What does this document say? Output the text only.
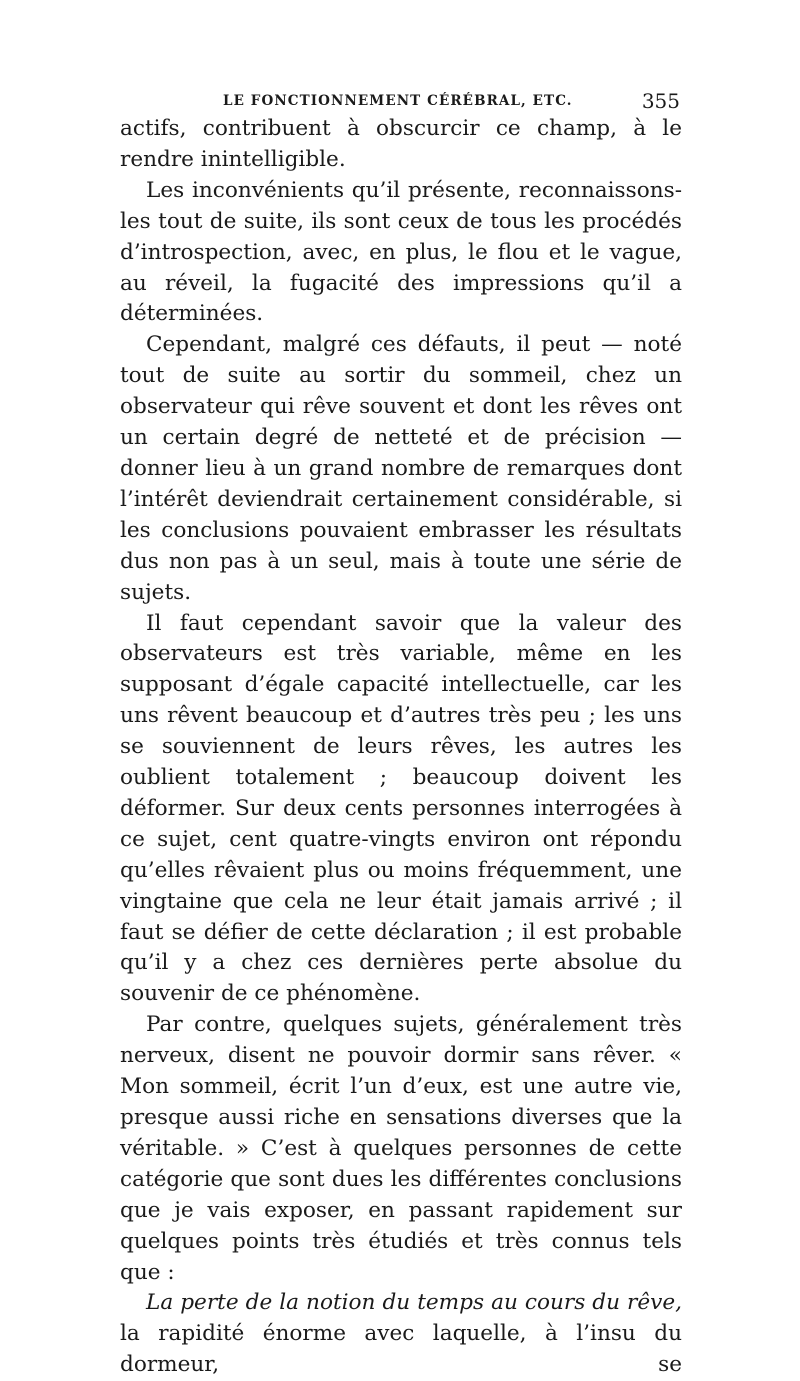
LE FONCTIONNEMENT CÉRÉBRAL, ETC.	355

actifs, contribuent à obscurcir ce champ, à le rendre inintelligible.

Les inconvénients qu’il présente, reconnaissons-les tout de suite, ils sont ceux de tous les procédés d’introspection, avec, en plus, le flou et le vague, au réveil, la fugacité des impressions qu’il a déterminées.

Cependant, malgré ces défauts, il peut — noté tout de suite au sortir du sommeil, chez un observateur qui rêve souvent et dont les rêves ont un certain degré de netteté et de précision — donner lieu à un grand nombre de remarques dont l’intérêt deviendrait certainement considérable, si les conclusions pouvaient embrasser les résultats dus non pas à un seul, mais à toute une série de sujets.

Il faut cependant savoir que la valeur des observateurs est très variable, même en les supposant d’égale capacité intellectuelle, car les uns rêvent beaucoup et d’autres très peu ; les uns se souviennent de leurs rêves, les autres les oublient totalement ; beaucoup doivent les déformer. Sur deux cents personnes interrogées à ce sujet, cent quatre-vingts environ ont répondu qu’elles rêvaient plus ou moins fréquemment, une vingtaine que cela ne leur était jamais arrivé ; il faut se défier de cette déclaration ; il est probable qu’il y a chez ces dernières perte absolue du souvenir de ce phénomène.

Par contre, quelques sujets, généralement très nerveux, disent ne pouvoir dormir sans rêver. « Mon sommeil, écrit l’un d’eux, est une autre vie, presque aussi riche en sensations diverses que la véritable. » C’est à quelques personnes de cette catégorie que sont dues les différentes conclusions que je vais exposer, en passant rapidement sur quelques points très étudiés et très connus tels que :

La perte de la notion du temps au cours du rêve, la rapidité énorme avec laquelle, à l’insu du dormeur, se
